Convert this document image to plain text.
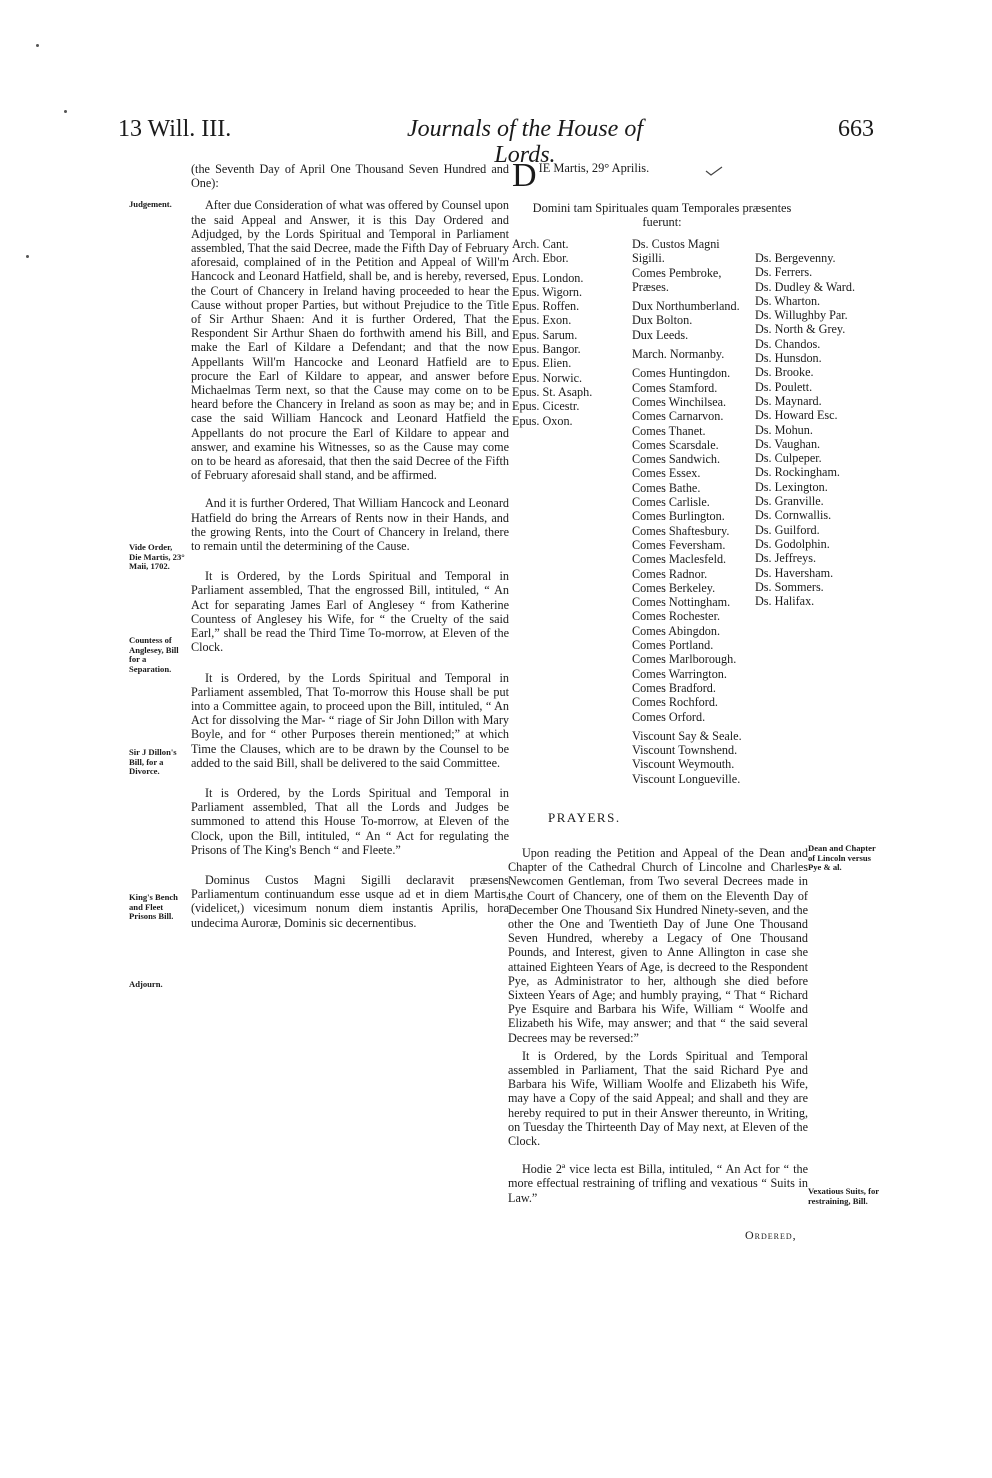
13 Will. III.	Journals of the House of Lords.
663

(the Seventh Day of April One Thousand Seven Hundred and One):

After due Consideration of what was offered by Counsel upon the said Appeal and Answer, it is this Day Ordered and Adjudged, by the Lords Spiritual and Temporal in Parliament assembled, That the said Decree, made the Fifth Day of February aforesaid, complained of in the Petition and Appeal of Will'm Hancock and Leonard Hatfield, shall be, and is hereby, reversed, the Court of Chancery in Ireland having proceeded to hear the Cause without proper Parties, but without Prejudice to the Title of Sir Arthur Shaen: And it is further Ordered, That the Respondent Sir Arthur Shaen do forthwith amend his Bill, and make the Earl of Kildare a Defendant; and that the now Appellants Will'm Hancocke and Leonard Hatfield are to procure the Earl of Kildare to appear, and answer before Michaelmas Term next, so that the Cause may come on to be heard before the Chancery in Ireland as soon as may be; and in case the said William Hancock and Leonard Hatfield the Appellants do not procure the Earl of Kildare to appear and answer, and examine his Witnesses, so as the Cause may come on to be heard as aforesaid, that then the said Decree of the Fifth of February aforesaid shall stand, and be affirmed.

And it is further Ordered, That William Hancock and Leonard Hatfield do bring the Arrears of Rents now in their Hands, and the growing Rents, into the Court of Chancery in Ireland, there to remain until the determining of the Cause.

It is Ordered, by the Lords Spiritual and Temporal in Parliament assembled, That the engrossed Bill, intituled, “ An Act for separating James Earl of Anglesey “ from Katherine Countess of Anglesey his Wife, for “ the Cruelty of the said Earl,” shall be read the Third Time To-morrow, at Eleven of the Clock.

It is Ordered, by the Lords Spiritual and Temporal in Parliament assembled, That To-morrow this House shall be put into a Committee again, to proceed upon the Bill, intituled, “ An Act for dissolving the Mar- “ riage of Sir John Dillon with Mary Boyle, and for “ other Purposes therein mentioned;” at which Time the Clauses, which are to be drawn by the Counsel to be added to the said Bill, shall be delivered to the said Committee.

It is Ordered, by the Lords Spiritual and Temporal in Parliament assembled, That all the Lords and Judges be summoned to attend this House To-morrow, at Eleven of the Clock, upon the Bill, intituled, “ An “ Act for regulating the Prisons of The King's Bench “ and Fleete.”

Dominus Custos Magni Sigilli declaravit præsens Parliamentum continuandum esse usque ad et in diem Martis, (videlicet,) vicesimum nonum diem instantis Aprilis, hora undecima Auroræ, Dominis sic decernentibus.

Judgement.
Vide Order, Die Martis, 23° Maii, 1702.
Countess of Anglesey, Bill for a Separation.
Sir J Dillon's Bill, for a Divorce.
King's Bench and Fleet Prisons Bill.
Adjourn.
D IE Martis, 29° Aprilis.
Domini tam Spirituales quam Temporales præsentes fuerunt:
Arch. Cant.
Arch. Ebor.
Epus. London.
Epus. Wigorn.
Epus. Roffen.
Epus. Exon.
Epus. Sarum.
Epus. Bangor.
Epus. Elien.
Epus. Norwic.
Epus. St. Asaph.
Epus. Cicestr.
Epus. Oxon.
Ds. Custos Magni
Sigilli.
Comes Pembroke,
Præses.
Dux Northumberland.
Dux Bolton.
Dux Leeds.
March. Normanby.
Comes Huntingdon.
Comes Stamford.
Comes Winchilsea.
Comes Carnarvon.
Comes Thanet.
Comes Scarsdale.
Comes Sandwich.
Comes Essex.
Comes Bathe.
Comes Carlisle.
Comes Burlington.
Comes Shaftesbury.
Comes Feversham.
Comes Maclesfeld.
Comes Radnor.
Comes Berkeley.
Comes Nottingham.
Comes Rochester.
Comes Abingdon.
Comes Portland.
Comes Marlborough.
Comes Warrington.
Comes Bradford.
Comes Rochford.
Comes Orford.
Viscount Say & Seale.
Viscount Townshend.
Viscount Weymouth.
Viscount Longueville.
Ds. Bergevenny.
Ds. Ferrers.
Ds. Dudley & Ward.
Ds. Wharton.
Ds. Willughby Par.
Ds. North & Grey.
Ds. Chandos.
Ds. Hunsdon.
Ds. Brooke.
Ds. Poulett.
Ds. Maynard.
Ds. Howard Esc.
Ds. Mohun.
Ds. Vaughan.
Ds. Culpeper.
Ds. Rockingham.
Ds. Lexington.
Ds. Granville.
Ds. Cornwallis.
Ds. Guilford.
Ds. Godolphin.
Ds. Jeffreys.
Ds. Haversham.
Ds. Sommers.
Ds. Halifax.
PRAYERS.

Upon reading the Petition and Appeal of the Dean and Chapter of the Cathedral Church of Lincolne and Charles Newcomen Gentleman, from Two several Decrees made in the Court of Chancery, one of them on the Eleventh Day of December One Thousand Six Hundred Ninety-seven, and the other the One and Twentieth Day of June One Thousand Seven Hundred, whereby a Legacy of One Thousand Pounds, and Interest, given to Anne Allington in case she attained Eighteen Years of Age, is decreed to the Respondent Pye, as Administrator to her, although she died before Sixteen Years of Age; and humbly praying, “ That “ Richard Pye Esquire and Barbara his Wife, William “ Woolfe and Elizabeth his Wife, may answer; and that “ the said several Decrees may be reversed:”

It is Ordered, by the Lords Spiritual and Temporal assembled in Parliament, That the said Richard Pye and Barbara his Wife, William Woolfe and Elizabeth his Wife, may have a Copy of the said Appeal; and shall and they are hereby required to put in their Answer thereunto, in Writing, on Tuesday the Thirteenth Day of May next, at Eleven of the Clock.

Hodie 2ª vice lecta est Billa, intituled, “ An Act for “ the more effectual restraining of trifling and vexatious “ Suits in Law.”

Dean and Chapter of Lincoln versus Pye & al.
Vexatious Suits, for restraining, Bill.
Ordered,
